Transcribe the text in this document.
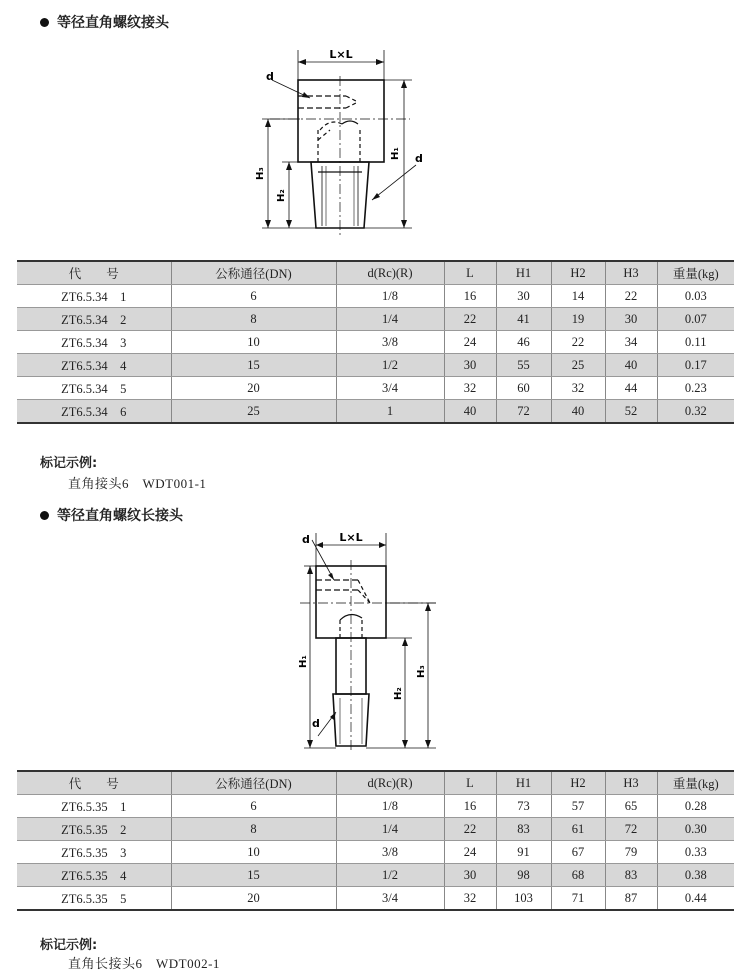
等径直角螺纹接头
L×L
d
d
H₁
H₃
H₂
代　　号	公称通径(DN)	d(Rc)(R)	L	H1	H2	H3	重量(kg)
ZT6.5.34　1	6	1/8	16	30	14	22	0.03
ZT6.5.34　2	8	1/4	22	41	19	30	0.07
ZT6.5.34　3	10	3/8	24	46	22	34	0.11
ZT6.5.34　4	15	1/2	30	55	25	40	0.17
ZT6.5.34　5	20	3/4	32	60	32	44	0.23
ZT6.5.34　6	25	1	40	72	40	52	0.32
标记示例:
直角接头6　WDT001-1
等径直角螺纹长接头
L×L
d
d
H₁
H₂
H₃
代　　号	公称通径(DN)	d(Rc)(R)	L	H1	H2	H3	重量(kg)
ZT6.5.35　1	6	1/8	16	73	57	65	0.28
ZT6.5.35　2	8	1/4	22	83	61	72	0.30
ZT6.5.35　3	10	3/8	24	91	67	79	0.33
ZT6.5.35　4	15	1/2	30	98	68	83	0.38
ZT6.5.35　5	20	3/4	32	103	71	87	0.44
标记示例:
直角长接头6　WDT002-1
